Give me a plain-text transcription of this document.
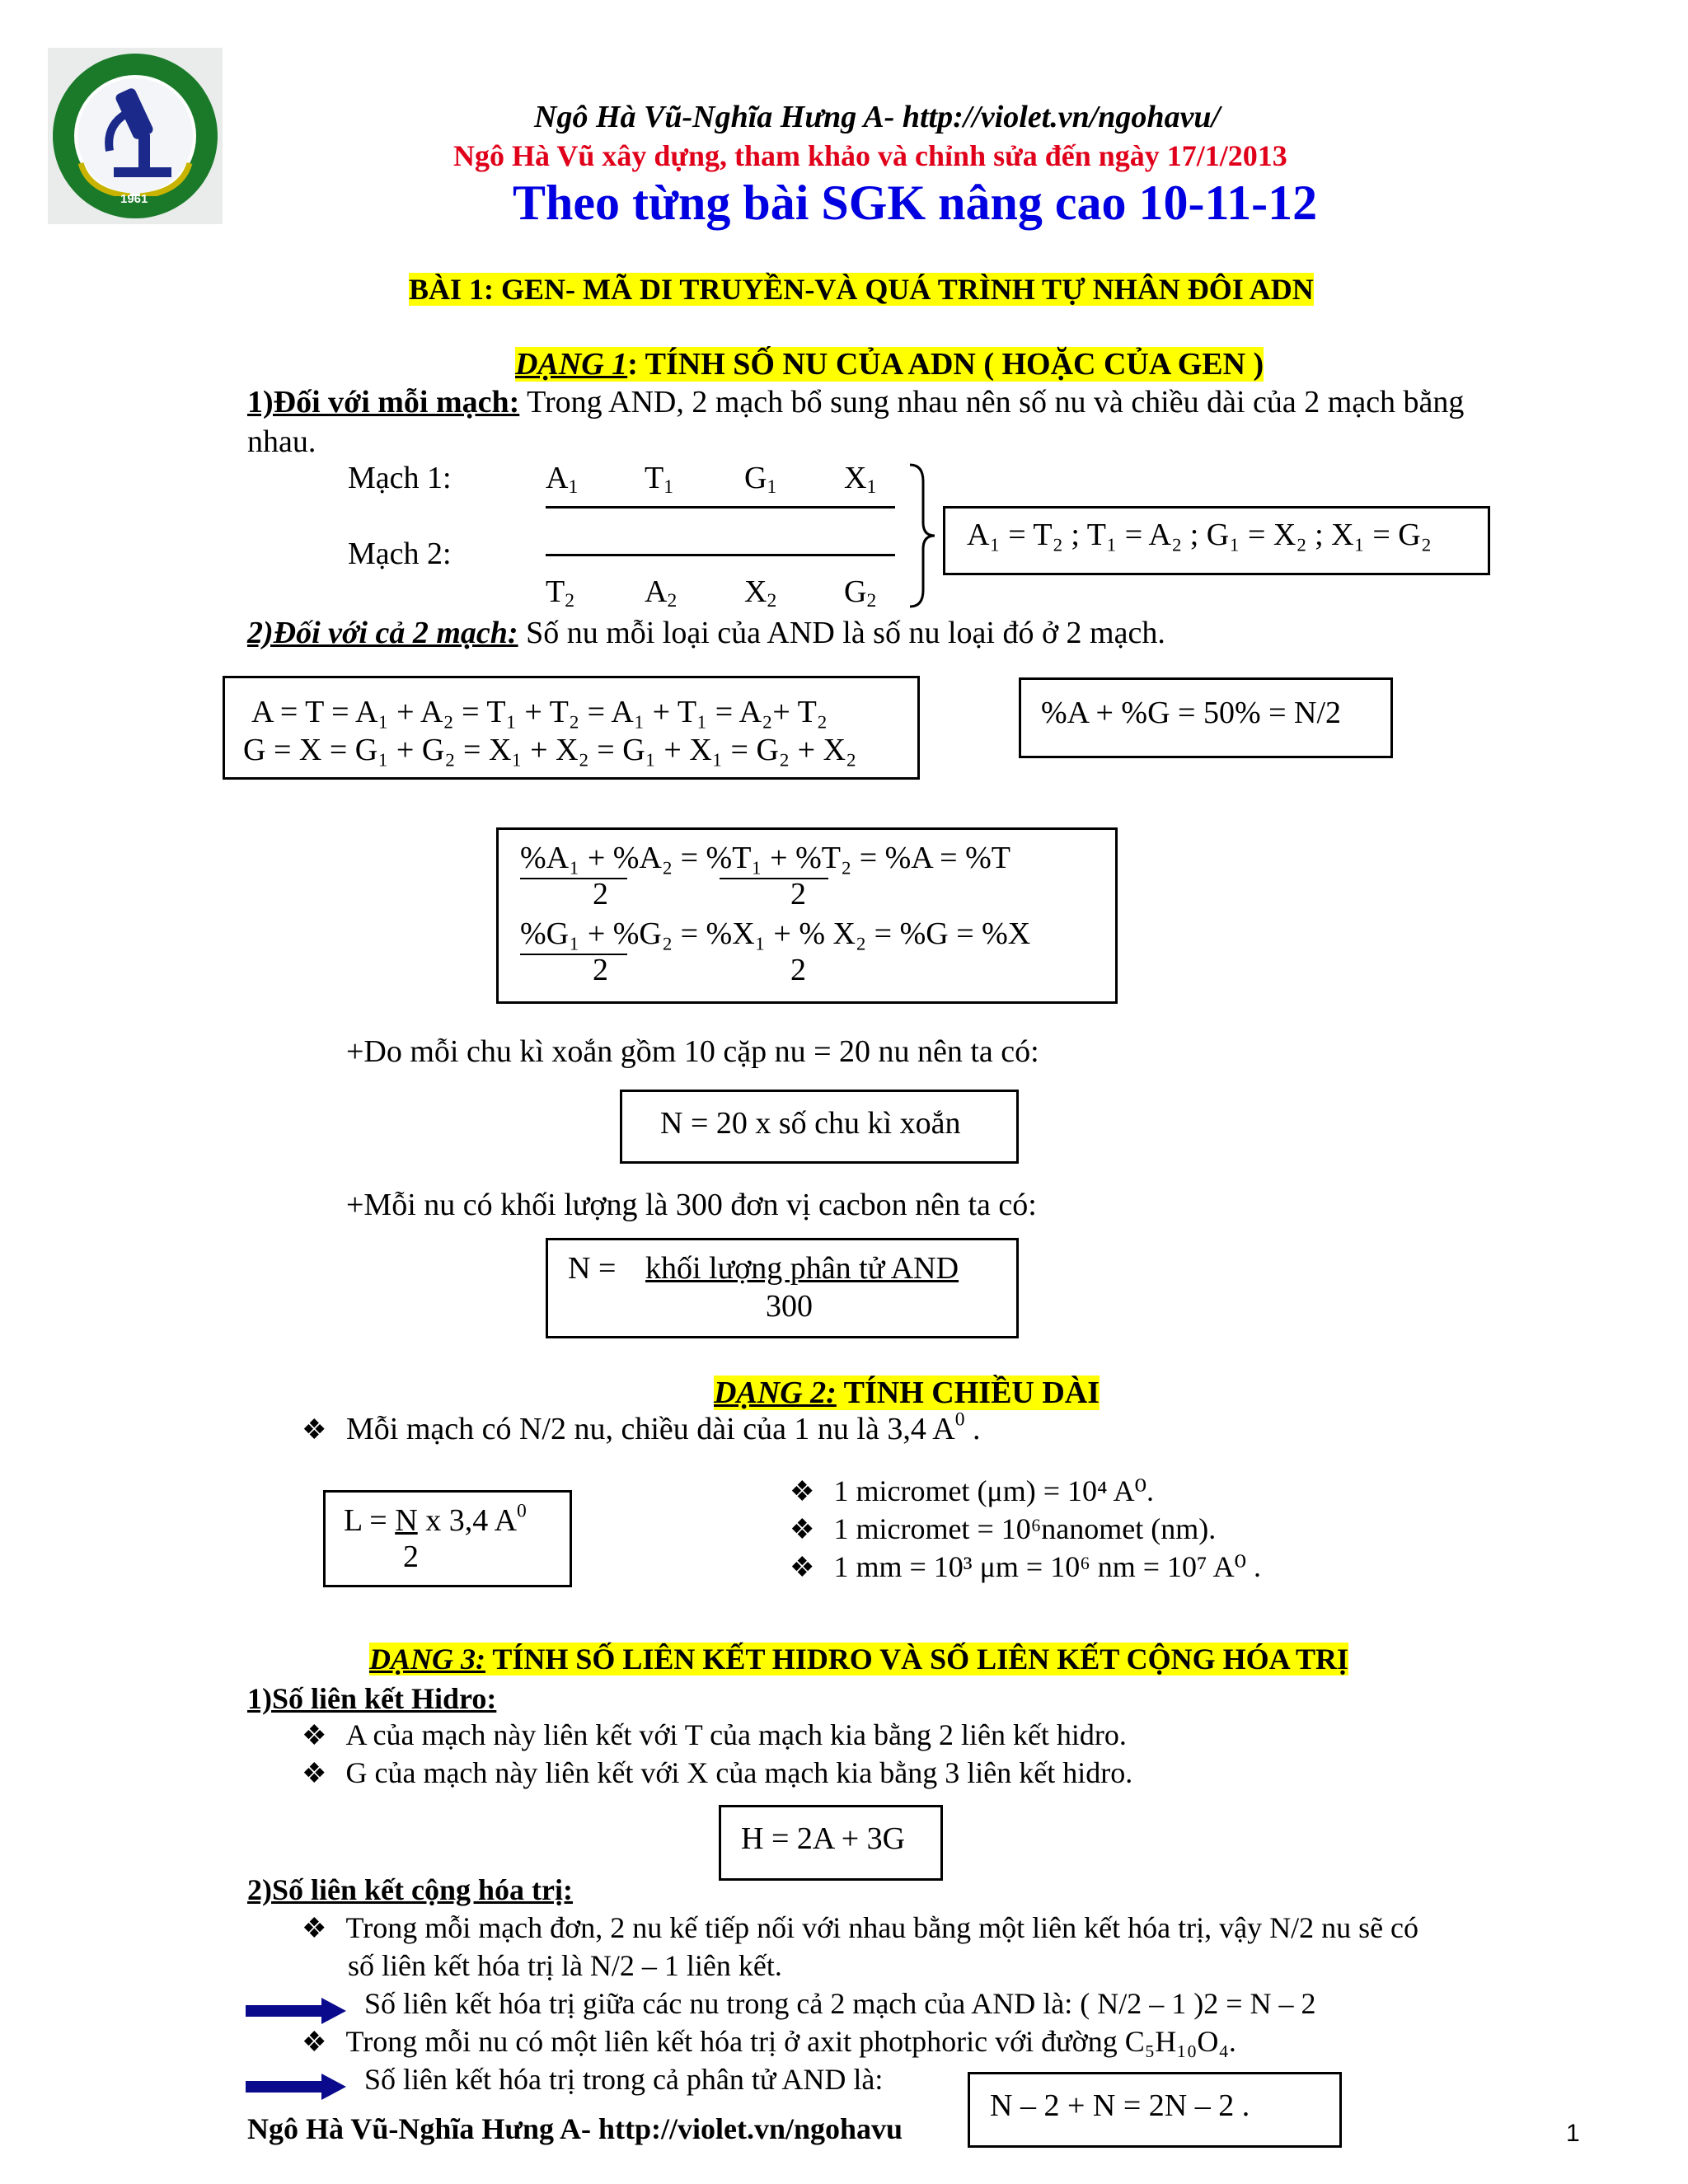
1961
Ngô Hà Vũ-Nghĩa Hưng A- http://violet.vn/ngohavu/
Ngô Hà Vũ xây dựng, tham khảo và chỉnh sửa đến ngày 17/1/2013
Theo từng bài SGK nâng cao 10-11-12
BÀI 1: GEN- MÃ DI TRUYỀN-VÀ QUÁ TRÌNH TỰ NHÂN ĐÔI ADN
DẠNG 1: TÍNH SỐ NU CỦA ADN ( HOẶC CỦA GEN )
1)Đối với mỗi mạch: Trong AND, 2 mạch bổ sung nhau nên số nu và chiều dài của 2 mạch bằng
nhau.
Mạch 1:
Mạch 2:
$A_1$ $T_1$ $G_1$ $X_1$
$T_2$ $A_2$ $X_2$ $G_2$
A₁ = T₂ ; T₁ = A₂ ; G₁ = X₂ ; X₁ = G₂
2)Đối với cả 2 mạch: Số nu mỗi loại của AND là số nu loại đó ở 2 mạch.
A = T = A₁ + A₂ = T₁ + T₂ = A₁ + T₁ = A₂+ T₂
G = X = G₁ + G₂ = X₁ + X₂ = G₁ + X₁ = G₂ + X₂
%A + %G = 50% = N/2
%A₁ + %A₂ = %T₁ + %T₂ = %A = %T
2	2
%G₁ + %G₂ = %X₁ + % X₂ = %G = %X
2	2
+Do mỗi chu kì xoắn gồm 10 cặp nu = 20 nu nên ta có:
N = 20 x số chu kì xoắn
+Mỗi nu có khối lượng là 300 đơn vị cacbon nên ta có:
N = khối lượng phân tử AND
300
DẠNG 2: TÍNH CHIỀU DÀI
❖ Mỗi mạch có N/2 nu, chiều dài của 1 nu là 3,4 $A^0$ .
L = N x 3,4 $A^0$
2
❖ 1 micromet (μm) = 10⁴ A⁰.
❖ 1 micromet = 10⁶nanomet (nm).
❖ 1 mm = 10³ μm = 10⁶ nm = 10⁷ A⁰ .
DẠNG 3: TÍNH SỐ LIÊN KẾT HIDRO VÀ SỐ LIÊN KẾT CỘNG HÓA TRỊ
1)Số liên kết Hidro:
❖ A của mạch này liên kết với T của mạch kia bằng 2 liên kết hidro.
❖ G của mạch này liên kết với X của mạch kia bằng 3 liên kết hidro.
H = 2A + 3G
2)Số liên kết cộng hóa trị:
❖ Trong mỗi mạch đơn, 2 nu kế tiếp nối với nhau bằng một liên kết hóa trị, vậy N/2 nu sẽ có
số liên kết hóa trị là N/2 – 1 liên kết.
Số liên kết hóa trị giữa các nu trong cả 2 mạch của AND là: ( N/2 – 1 )2 = N – 2
❖ Trong mỗi nu có một liên kết hóa trị ở axit photphoric với đường C₅H₁₀O₄.
Số liên kết hóa trị trong cả phân tử AND là:
Ngô Hà Vũ-Nghĩa Hưng A- http://violet.vn/ngohavu
N – 2 + N = 2N – 2 .
1
